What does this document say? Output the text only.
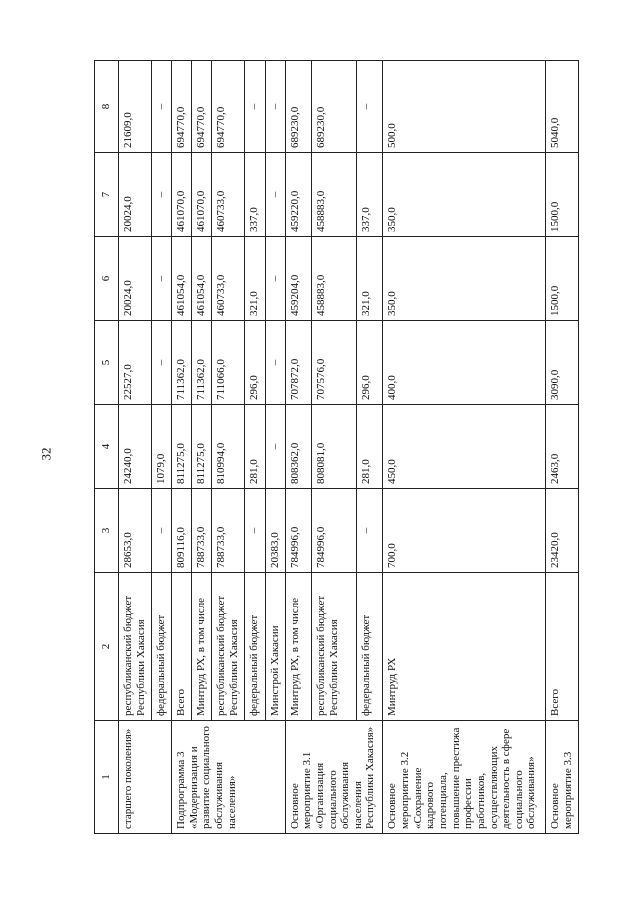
32
1	2	3	4	5	6	7	8
старшего поколения»	республиканский бюджет Республики Хакасия	28653,0	24240,0	22527,0	20024,0	20024,0	21609,0
	федеральный бюджет	–	1079,0	–	–	–	–
Подпрограмма 3 «Модернизация и развитие социального обслуживания населения»	Всего	809116,0	811275,0	711362,0	461054,0	461070,0	694770,0
	Минтруд РХ, в том числе	788733,0	811275,0	711362,0	461054,0	461070,0	694770,0
	республиканский бюджет Республики Хакасия	788733,0	810994,0	711066,0	460733,0	460733,0	694770,0
	федеральный бюджет	–	281,0	296,0	321,0	337,0	–
	Минстрой Хакасии	20383,0	–	–	–	–	–
Основное мероприятие 3.1 «Организация социального обслуживания населения Республики Хакасия»	Минтруд РХ, в том числе	784996,0	808362,0	707872,0	459204,0	459220,0	689230,0
	республиканский бюджет Республики Хакасия	784996,0	808081,0	707576,0	458883,0	458883,0	689230,0
	федеральный бюджет	–	281,0	296,0	321,0	337,0	–
Основное мероприятие 3.2 «Сохранение кадрового потенциала, повышение престижа профессии работников, осуществляющих деятельность в сфере социального обслуживания»	Минтруд РХ	700,0	450,0	400,0	350,0	350,0	500,0
Основное мероприятие 3.3	Всего	23420,0	2463,0	3090,0	1500,0	1500,0	5040,0
